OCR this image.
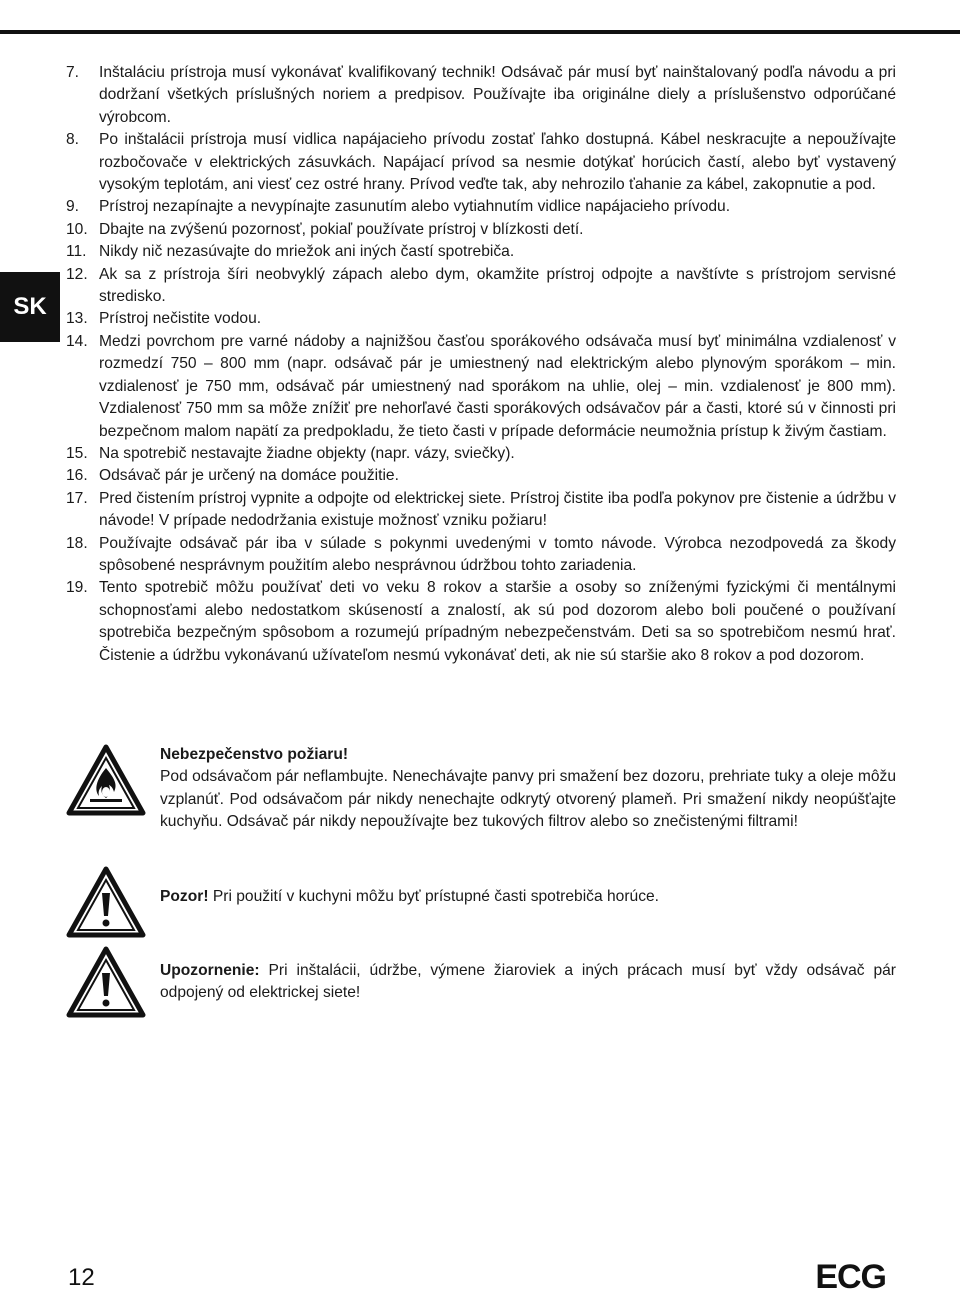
SK
7.	Inštaláciu prístroja musí vykonávať kvalifikovaný technik! Odsávač pár musí byť nainštalovaný podľa návodu a pri dodržaní všetkých príslušných noriem a predpisov. Používajte iba originálne diely a príslušenstvo odporúčané výrobcom.
8.	Po inštalácii prístroja musí vidlica napájacieho prívodu zostať ľahko dostupná. Kábel neskracujte a nepoužívajte rozbočovače v elektrických zásuvkách. Napájací prívod sa nesmie dotýkať horúcich častí, alebo byť vystavený vysokým teplotám, ani viesť cez ostré hrany. Prívod veďte tak, aby nehrozilo ťahanie za kábel, zakopnutie a pod.
9.	Prístroj nezapínajte a nevypínajte zasunutím alebo vytiahnutím vidlice napájacieho prívodu.
10. Dbajte na zvýšenú pozornosť, pokiaľ používate prístroj v blízkosti detí.
11. Nikdy nič nezasúvajte do mriežok ani iných častí spotrebiča.
12. Ak sa z prístroja šíri neobvyklý zápach alebo dym, okamžite prístroj odpojte a navštívte s prístrojom servisné stredisko.
13. Prístroj nečistite vodou.
14. Medzi povrchom pre varné nádoby a najnižšou časťou sporákového odsávača musí byť minimálna vzdialenosť v rozmedzí 750 – 800 mm (napr. odsávač pár je umiestnený nad elektrickým alebo plynovým sporákom – min. vzdialenosť je 750 mm, odsávač pár umiestnený nad sporákom na uhlie, olej – min. vzdialenosť je 800 mm). Vzdialenosť 750 mm sa môže znížiť pre nehorľavé časti sporákových odsávačov pár a časti, ktoré sú v činnosti pri bezpečnom malom napätí za predpokladu, že tieto časti v prípade deformácie neumožnia prístup k živým častiam.
15. Na spotrebič nestavajte žiadne objekty (napr. vázy, sviečky).
16. Odsávač pár je určený na domáce použitie.
17. Pred čistením prístroj vypnite a odpojte od elektrickej siete. Prístroj čistite iba podľa pokynov pre čistenie a údržbu v návode! V prípade nedodržania existuje možnosť vzniku požiaru!
18. Používajte odsávač pár iba v súlade s pokynmi uvedenými v tomto návode. Výrobca nezodpovedá za škody spôsobené nesprávnym použitím alebo nesprávnou údržbou tohto zariadenia.
19. Tento spotrebič môžu používať deti vo veku 8 rokov a staršie a osoby so zníženými fyzickými či mentálnymi schopnosťami alebo nedostatkom skúseností a znalostí, ak sú pod dozorom alebo boli poučené o používaní spotrebiča bezpečným spôsobom a rozumejú prípadným nebezpečenstvám. Deti sa so spotrebičom nesmú hrať. Čistenie a údržbu vykonávanú užívateľom nesmú vykonávať deti, ak nie sú staršie ako 8 rokov a pod dozorom.
Nebezpečenstvo požiaru!
Pod odsávačom pár neflambujte. Nenechávajte panvy pri smažení bez dozoru, prehriate tuky a oleje môžu vzplanúť. Pod odsávačom pár nikdy nenechajte odkrytý otvorený plameň. Pri smažení nikdy neopúšťajte kuchyňu. Odsávač pár nikdy nepoužívajte bez tukových filtrov alebo so znečistenými filtrami!
Pozor! Pri použití v kuchyni môžu byť prístupné časti spotrebiča horúce.
Upozornenie: Pri inštalácii, údržbe, výmene žiaroviek a iných prácach musí byť vždy odsávač pár odpojený od elektrickej siete!
12	ECG
